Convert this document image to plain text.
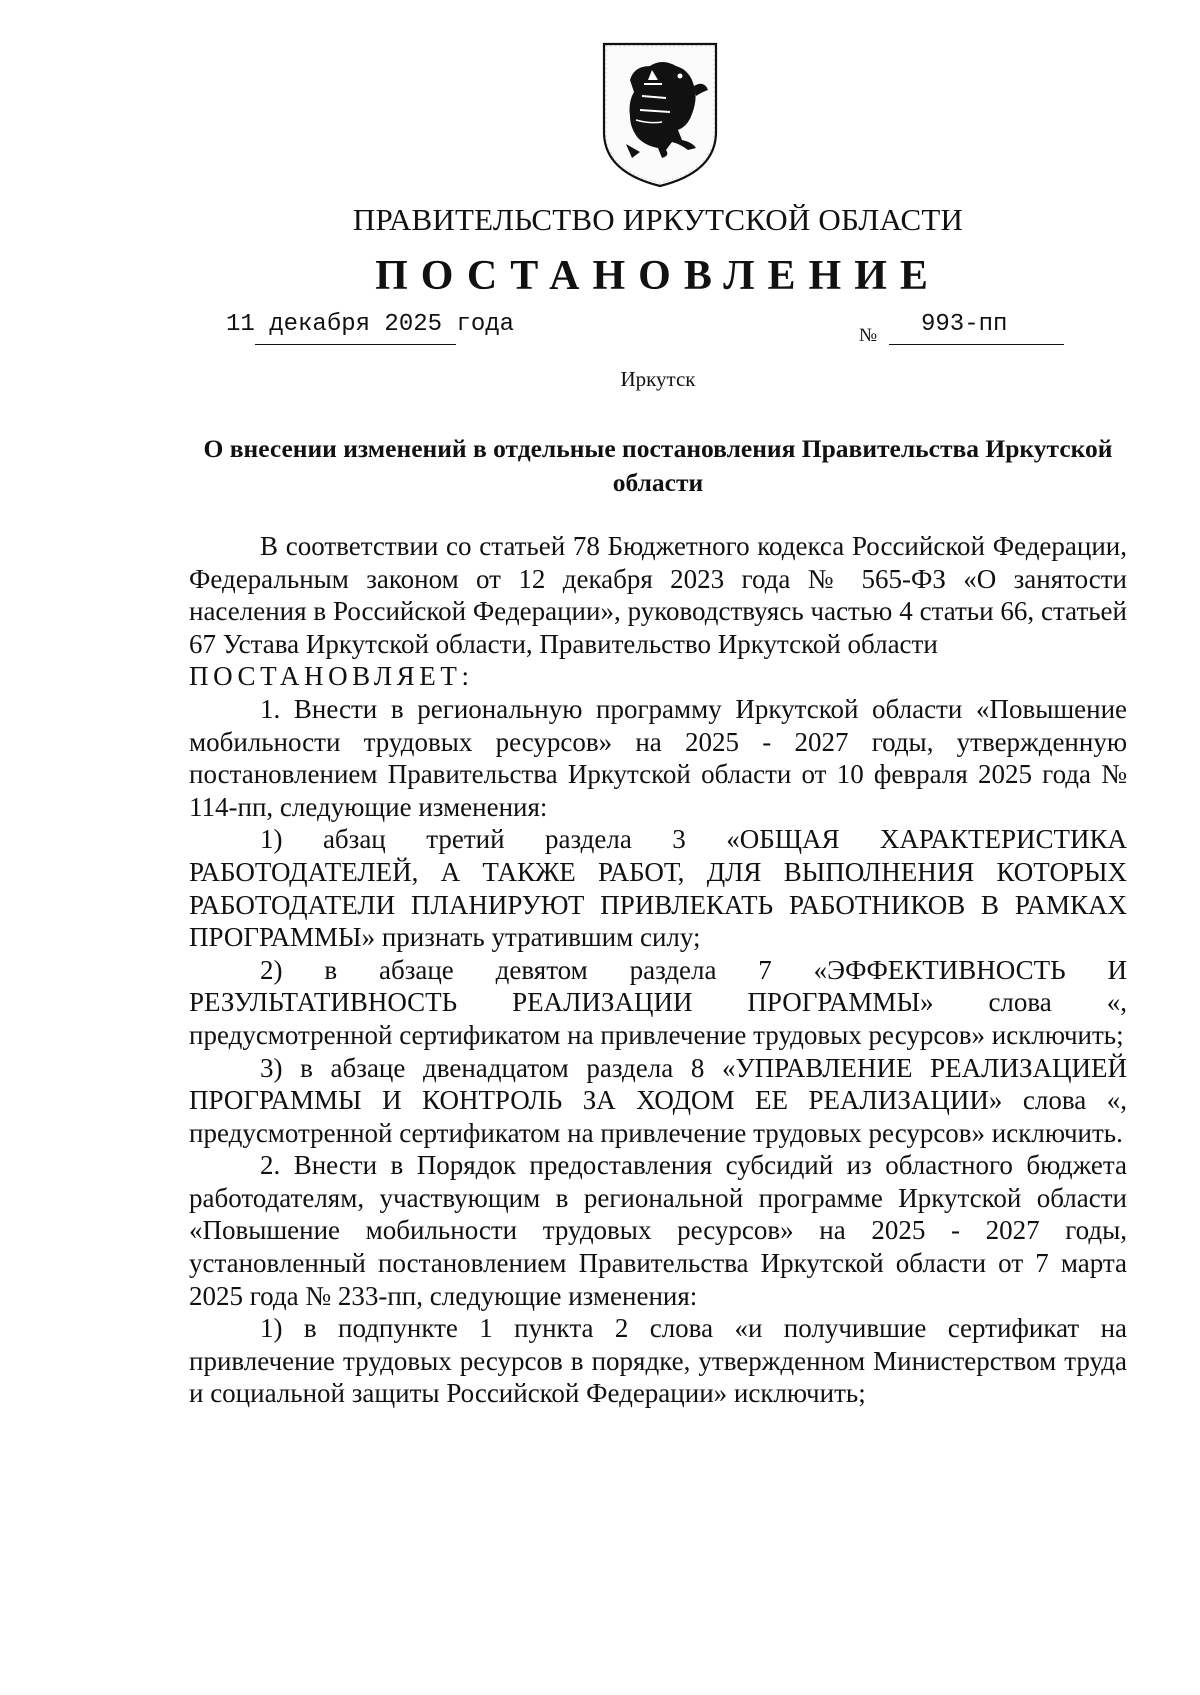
ПРАВИТЕЛЬСТВО ИРКУТСКОЙ ОБЛАСТИ
ПОСТАНОВЛЕНИЕ
11 декабря 2025 года	№ 993-пп
Иркутск
О внесении изменений в отдельные постановления Правительства Иркутской области

В соответствии со статьей 78 Бюджетного кодекса Российской Федерации, Федеральным законом от 12 декабря 2023 года № 565-ФЗ «О занятости населения в Российской Федерации», руководствуясь частью 4 статьи 66, статьей 67 Устава Иркутской области, Правительство Иркутской области

ПОСТАНОВЛЯЕТ:

1. Внести в региональную программу Иркутской области «Повышение мобильности трудовых ресурсов» на 2025 - 2027 годы, утвержденную постановлением Правительства Иркутской области от 10 февраля 2025 года № 114-пп, следующие изменения:

1) абзац третий раздела 3 «ОБЩАЯ ХАРАКТЕРИСТИКА РАБОТОДАТЕЛЕЙ, А ТАКЖЕ РАБОТ, ДЛЯ ВЫПОЛНЕНИЯ КОТОРЫХ РАБОТОДАТЕЛИ ПЛАНИРУЮТ ПРИВЛЕКАТЬ РАБОТНИКОВ В РАМКАХ ПРОГРАММЫ» признать утратившим силу;

2) в абзаце девятом раздела 7 «ЭФФЕКТИВНОСТЬ И РЕЗУЛЬТАТИВНОСТЬ РЕАЛИЗАЦИИ ПРОГРАММЫ» слова «, предусмотренной сертификатом на привлечение трудовых ресурсов» исключить;

3) в абзаце двенадцатом раздела 8 «УПРАВЛЕНИЕ РЕАЛИЗАЦИЕЙ ПРОГРАММЫ И КОНТРОЛЬ ЗА ХОДОМ ЕЕ РЕАЛИЗАЦИИ» слова «, предусмотренной сертификатом на привлечение трудовых ресурсов» исключить.

2. Внести в Порядок предоставления субсидий из областного бюджета работодателям, участвующим в региональной программе Иркутской области «Повышение мобильности трудовых ресурсов» на 2025 - 2027 годы, установленный постановлением Правительства Иркутской области от 7 марта 2025 года № 233-пп, следующие изменения:

1) в подпункте 1 пункта 2 слова «и получившие сертификат на привлечение трудовых ресурсов в порядке, утвержденном Министерством труда и социальной защиты Российской Федерации» исключить;
